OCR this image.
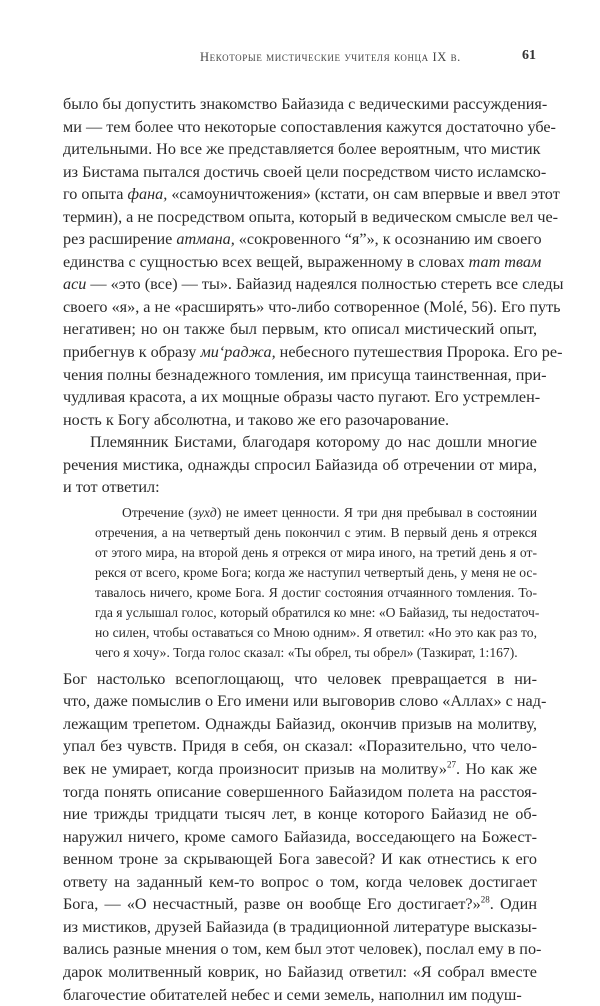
Некоторые мистические учителя конца IX в.	61
было бы допустить знакомство Байазида с ведическими рассуждения-
ми — тем более что некоторые сопоставления кажутся достаточно убе-
дительными. Но все же представляется более вероятным, что мистик
из Бистама пытался достичь своей цели посредством чисто исламско-
го опыта фана, «самоуничтожения» (кстати, он сам впервые и ввел этот
термин), а не посредством опыта, который в ведическом смысле вел че-
рез расширение атмана, «сокровенного “я”», к осознанию им своего
единства с сущностью всех вещей, выраженному в словах тат твам
аси — «это (все) — ты». Байазид надеялся полностью стереть все следы
своего «я», а не «расширять» что-либо сотворенное (Molé, 56). Его путь
негативен; но он также был первым, кто описал мистический опыт,
прибегнув к образу ми‘раджа, небесного путешествия Пророка. Его ре-
чения полны безнадежного томления, им присуща таинственная, при-
чудливая красота, а их мощные образы часто пугают. Его устремлен-
ность к Богу абсолютна, и таково же его разочарование.
Племянник Бистами, благодаря которому до нас дошли многие
речения мистика, однажды спросил Байазида об отречении от мира,
и тот ответил:
Отречение (зухд) не имеет ценности. Я три дня пребывал в состоянии
отречения, а на четвертый день покончил с этим. В первый день я отрекся
от этого мира, на второй день я отрекся от мира иного, на третий день я от-
рекся от всего, кроме Бога; когда же наступил четвертый день, у меня не ос-
тавалось ничего, кроме Бога. Я достиг состояния отчаянного томления. То-
гда я услышал голос, который обратился ко мне: «О Байазид, ты недостаточ-
но силен, чтобы оставаться со Мною одним». Я ответил: «Но это как раз то,
чего я хочу». Тогда голос сказал: «Ты обрел, ты обрел» (Тазкират, 1:167).
Бог настолько всепоглощающ, что человек превращается в ни-
что, даже помыслив о Его имени или выговорив слово «Аллах» с над-
лежащим трепетом. Однажды Байазид, окончив призыв на молитву,
упал без чувств. Придя в себя, он сказал: «Поразительно, что чело-
век не умирает, когда произносит призыв на молитву»$^{27}$. Но как же
тогда понять описание совершенного Байазидом полета на расстоя-
ние трижды тридцати тысяч лет, в конце которого Байазид не об-
наружил ничего, кроме самого Байазида, восседающего на Божест-
венном троне за скрывающей Бога завесой? И как отнестись к его
ответу на заданный кем-то вопрос о том, когда человек достигает
Бога, — «О несчастный, разве он вообще Его достигает?»$^{28}$. Один
из мистиков, друзей Байазида (в традиционной литературе высказы-
вались разные мнения о том, кем был этот человек), послал ему в по-
дарок молитвенный коврик, но Байазид ответил: «Я собрал вместе
благочестие обитателей небес и семи земель, наполнил им подуш-
